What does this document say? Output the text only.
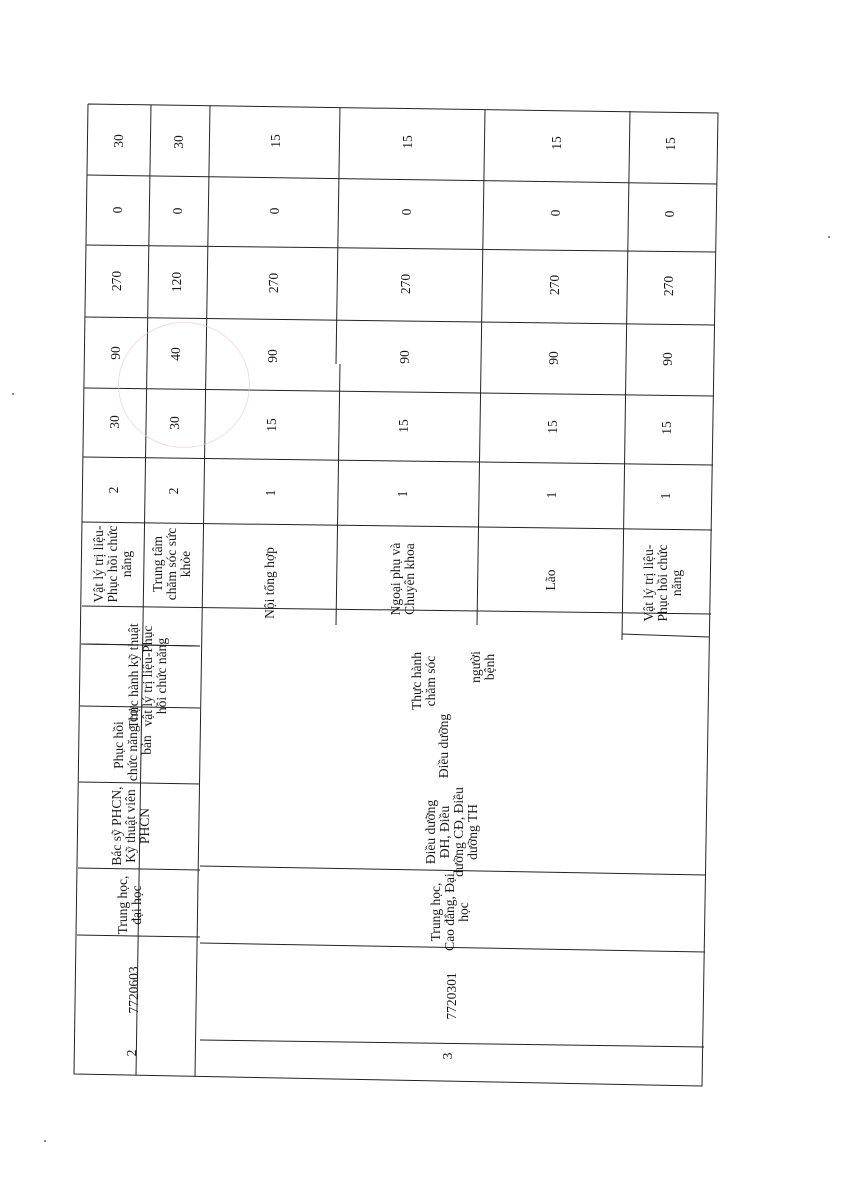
Trung học, đại học
Bác sỹ PHCN, Kỹ thuật viên PHCN
Phục hồi chức năng cơ bản
Thực hành kỹ thuật vật lý trị liệu-Phục hồi chức năng
Vật lý trị liệu-Phục hồi chức năng Trung tâm chăm sóc sức khỏe
2
30
90
270
0
30
2
30
40
120
0
30
3
7720301
Trung học, Cao đẳng, Đại học
Điều dưỡng ĐH, Điều dưỡng CĐ, Điều dưỡng TH
Điều dưỡng
Thực hành chăm sóc người bệnh
2
7720603
Nội tổng hợp
1
15
90
270
0
15
Ngoại phụ và Chuyên khoa
1
15
90
270
0
15
Lão
1
15
90
270
0
15
Vật lý trị liệu-Phục hồi chức năng
1
15
90
270
0
15
